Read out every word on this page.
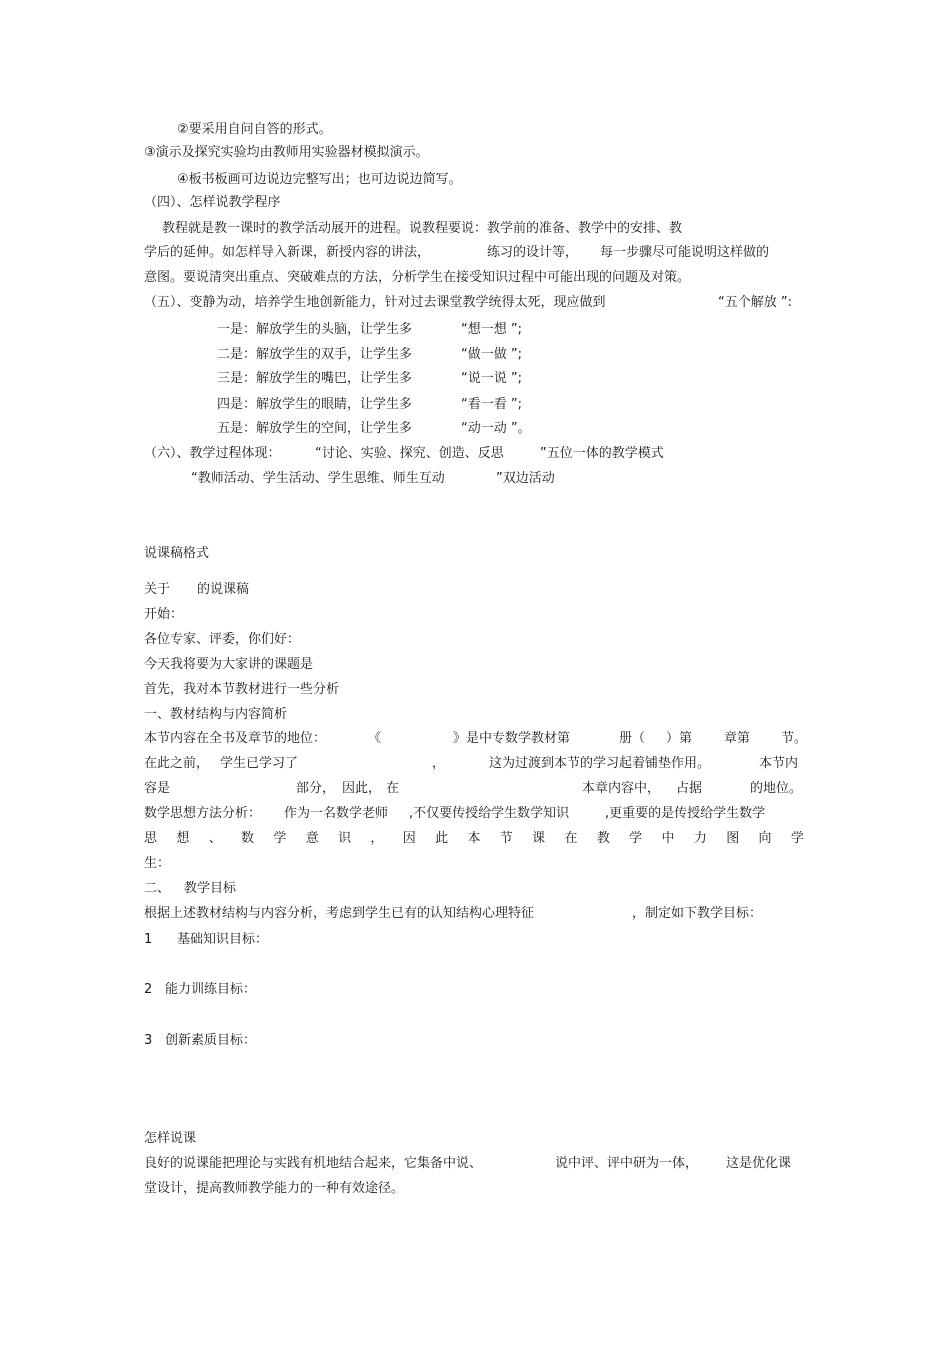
②要采用自问自答的形式。
③演示及探究实验均由教师用实验器材模拟演示。
④板书板画可边说边完整写出；也可边说边简写。
（四）、怎样说教学程序
教程就是教一课时的教学活动展开的进程。说教程要说：教学前的准备、教学中的安排、教
学后的延伸。如怎样导入新课，新授内容的讲法，	练习的设计等， 每一步骤尽可能说明这样做的
意图。要说清突出重点、突破难点的方法，分析学生在接受知识过程中可能出现的问题及对策。
（五）、变静为动，培养学生地创新能力，针对过去课堂教学统得太死，现应做到	“五个解放 ”:
一是：解放学生的头脑，让学生多	“想一想 ”;
二是：解放学生的双手，让学生多	“做一做 ”;
三是：解放学生的嘴巴，让学生多	“说一说 ”;
四是：解放学生的眼睛，让学生多	“看一看 ”;
五是：解放学生的空间，让学生多	“动一动 ”。
（六）、教学过程体现：	“讨论、实验、探究、创造、反思	”五位一体的教学模式
“教师活动、学生活动、学生思维、师生互动	”双边活动
说课稿格式
关于 的说课稿
开始：
各位专家、评委，你们好：
今天我将要为大家讲的课题是
首先，我对本节教材进行一些分析
一、教材结构与内容简析
本节内容在全书及章节的地位：	《	》是中专数学教材第	册（ ）第 章第 节。
在此之前， 学生已学习了	，	这为过渡到本节的学习起着铺垫作用。	本节内
容是	部分， 因此， 在	本章内容中， 占据	的地位。
数学思想方法分析： 作为一名数学老师 ,不仅要传授给学生数学知识	,更重要的是传授给学生数学
思 想 、 数 学 意 识 ， 因 此 本 节 课 在 教 学 中 力 图 向 学
生：
二、 教学目标
根据上述教材结构与内容分析，考虑到学生已有的认知结构心理特征	，制定如下教学目标：
1 基础知识目标：
2 能力训练目标：
3 创新素质目标：
怎样说课
良好的说课能把理论与实践有机地结合起来，它集备中说、	说中评、评中研为一体， 这是优化课
堂设计，提高教师教学能力的一种有效途径。
